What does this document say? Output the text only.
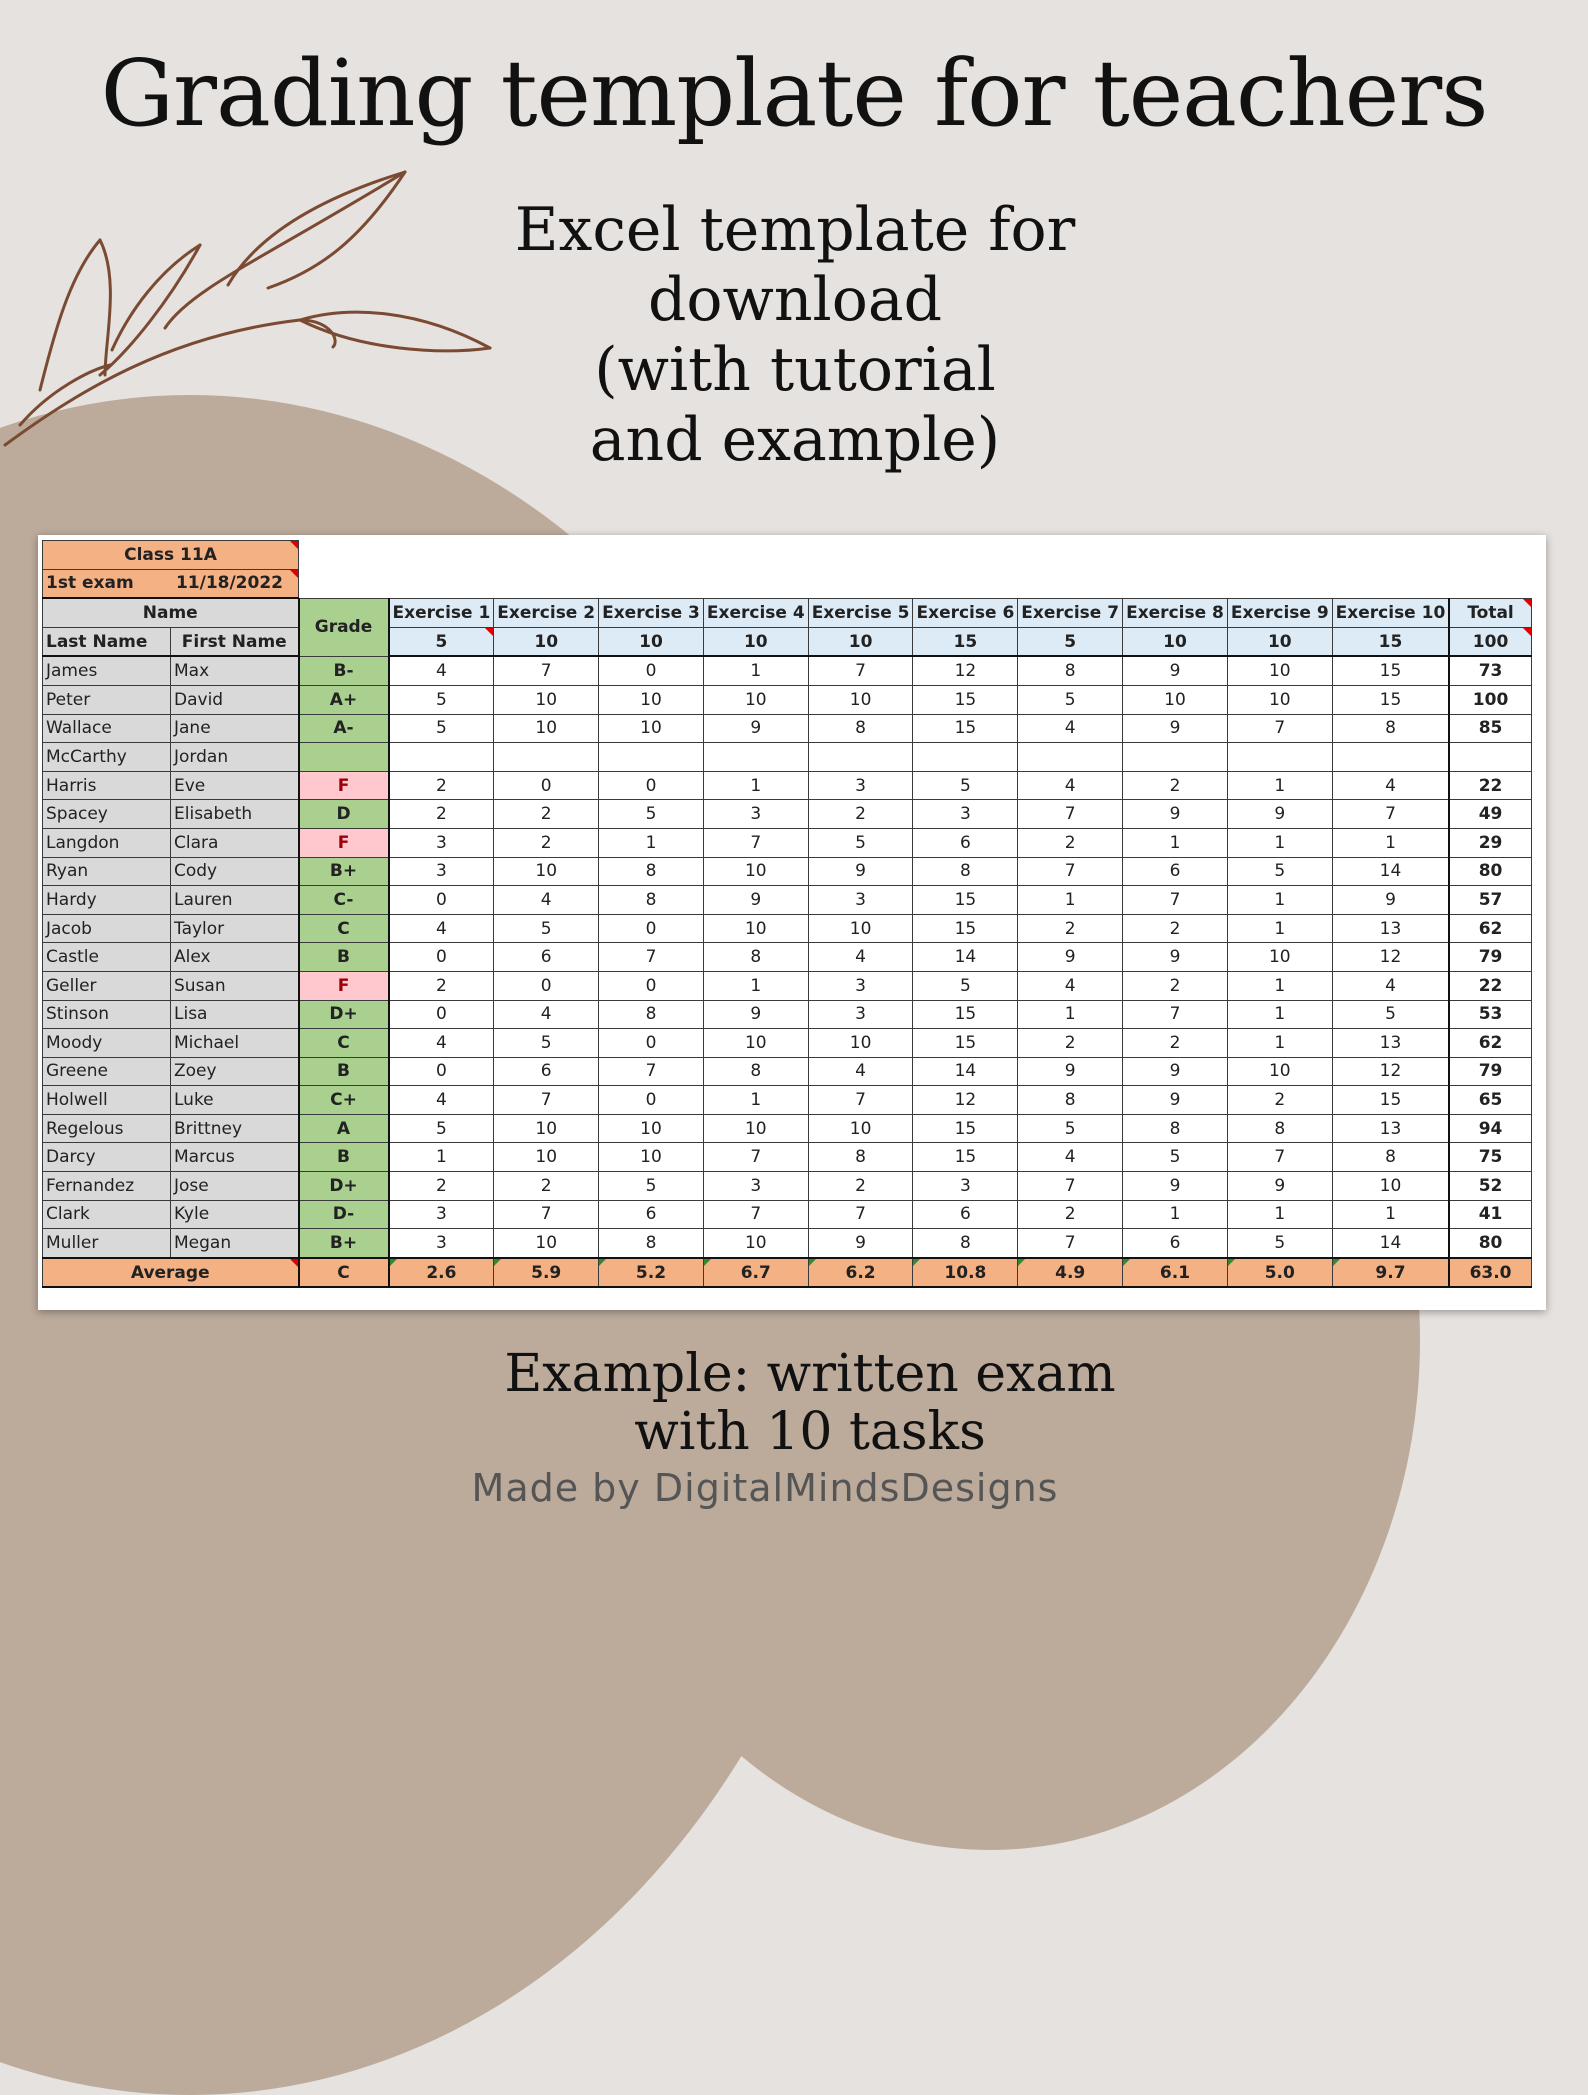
Grading template for teachers
Excel template for
download
(with tutorial
and example)
Class 11A													

1st exam 11/18/2022													

Name		Grade	Exercise 1	Exercise 2	Exercise 3	Exercise 4	Exercise 5	Exercise 6	Exercise 7	Exercise 8	Exercise 9	Exercise 10	Total
Last Name	First Name		5	10	10	10	10	15	5	10	10	15	100
James	Max	B-	4	7	0	1	7	12	8	9	10	15	73
Peter	David	A+	5	10	10	10	10	15	5	10	10	15	100
Wallace	Jane	A-	5	10	10	9	8	15	4	9	7	8	85
McCarthy	Jordan												
Harris	Eve	F	2	0	0	1	3	5	4	2	1	4	22
Spacey	Elisabeth	D	2	2	5	3	2	3	7	9	9	7	49
Langdon	Clara	F	3	2	1	7	5	6	2	1	1	1	29
Ryan	Cody	B+	3	10	8	10	9	8	7	6	5	14	80
Hardy	Lauren	C-	0	4	8	9	3	15	1	7	1	9	57
Jacob	Taylor	C	4	5	0	10	10	15	2	2	1	13	62
Castle	Alex	B	0	6	7	8	4	14	9	9	10	12	79
Geller	Susan	F	2	0	0	1	3	5	4	2	1	4	22
Stinson	Lisa	D+	0	4	8	9	3	15	1	7	1	5	53
Moody	Michael	C	4	5	0	10	10	15	2	2	1	13	62
Greene	Zoey	B	0	6	7	8	4	14	9	9	10	12	79
Holwell	Luke	C+	4	7	0	1	7	12	8	9	2	15	65
Regelous	Brittney	A	5	10	10	10	10	15	5	8	8	13	94
Darcy	Marcus	B	1	10	10	7	8	15	4	5	7	8	75
Fernandez	Jose	D+	2	2	5	3	2	3	7	9	9	10	52
Clark	Kyle	D-	3	7	6	7	7	6	2	1	1	1	41
Muller	Megan	B+	3	10	8	10	9	8	7	6	5	14	80
Average		C	2.6	5.9	5.2	6.7	6.2	10.8	4.9	6.1	5.0	9.7	63.0
Example: written exam
with 10 tasks
Made by DigitalMindsDesigns
